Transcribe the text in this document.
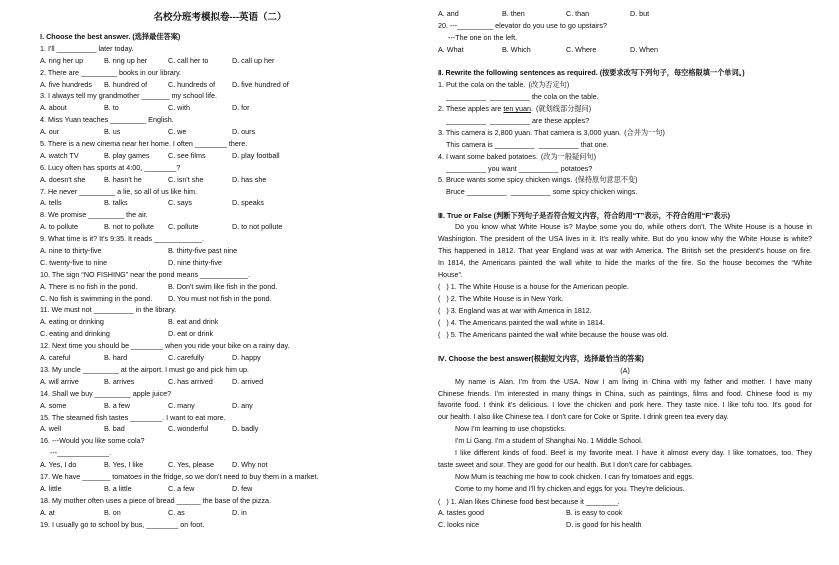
名校分班考模拟卷---英语（二）
Ⅰ. Choose the best answer. (选择最佳答案)
1. I'll __________ later today.
A. ring her up	B. ring up her	C. call her to	D. call up her
2. There are _________ books in our library.
A. five hundreds	B. hundred of	C. hundreds of	D. five hundred of
3. I always tell my grandmother _______ my school life.
A. about	B. to	C. with	D. for
4. Miss Yuan teaches _________ English.
A. our	B. us	C. we	D. ours
5. There is a new cinema near her home. I often ________ there.
A. watch TV	B. play games	C. see films	D. play football
6. Lucy often has sports at 4:00, ________?
A. doesn't she	B. hasn't he	C. isn't she	D. has she
7. He never _________ a lie, so all of us like him.
A. tells	B. talks	C. says	D. speaks
8. We promise _________ the air.
A. to pollute	B. not to pollute	C. pollute	D. to not pollute
9. What time is it? It's 9:35. It reads ____________.
A. nine to thirty-five	B. thirty-five past nine
C. twenty-five to nine	D. nine thirty-five
10. The sign “NO FISHING” near the pond means ____________.
A. There is no fish in the pond.	B. Don't swim like fish in the pond.
C. No fish is swimming in the pond.	D. You must not fish in the pond.
11. We must not __________ in the library.
A. eating or drinking	B. eat and drink
C. eating and drinking	D. eat or drink
12. Next time you should be ________ when you ride your bike on a rainy day.
A. careful	B. hard	C. carefully	D. happy
13. My uncle _________ at the airport. I must go and pick him up.
A. will arrive	B. arrives	C. has arrived	D. arrived
14. Shall we buy _________ apple juice?
A. some	B. a few	C. many	D. any
15. The steamed fish tastes ________. I want to eat more.
A. well	B. bad	C. wonderful	D. badly
16. ---Would you like some cola?
---_____________.
A. Yes, I do	B. Yes, I like	C. Yes, please	D. Why not
17. We have _______ tomatoes in the fridge, so we don't need to buy them in a market.
A. little	B. a little	C. a few	D. few
18. My mother often uses a piece of bread ______ the base of the pizza.
A. at	B. on	C. as	D. in
19. I usually go to school by bus, ________ on foot.
A. and	B. then	C. than	D. but
20. ---_________ elevator do you use to go upstairs?
---The one on the left.
A. What	B. Which	C. Where	D. When
Ⅱ. Rewrite the following sentences as required. (按要求改写下列句子，每空格限填一个单词。)
1. Put the cola on the table. (改为否定句)
__________  __________ the cola on the table.
2. These apples are ten yuan. (就划线部分提问)
__________  __________ are these apples?
3. This camera is 2,800 yuan. That camera is 3,000 yuan. (合并为一句)
This camera is __________  __________ that one.
4. I want some baked potatoes. (改为一般疑问句)
__________ you want __________ potatoes?
5. Bruce wants some spicy chicken wings. (保持原句意思不变)
Bruce __________  __________ some spicy chicken wings.
Ⅲ. True or False (判断下列句子是否符合短文内容，符合的用“T”表示，不符合的用“F”表示)
Do you know what White House is? Maybe some you do, while others don't. The White House is a house in
Washington. The president of the USA lives in it. It's really white. But do you know why the White House is white?
This happened in 1812. That year England was at war with America. The British set the president's house on fire.
In 1814, the Americans painted the wall white to hide the marks of the fire. So the house becomes the “White
House”.
(   ) 1. The White House is a house for the American people.
(   ) 2. The White House is in New York.
(   ) 3. England was at war with America in 1812.
(   ) 4. The Americans painted the wall white in 1814.
(   ) 5. The Americans painted the wall white because the house was old.
Ⅳ. Choose the best answer(根据短文内容，选择最恰当的答案)
(A)
My name is Alan. I'm from the USA. Now I am living in China with my father and mother. I have many
Chinese friends. I'm interested in many things in China, such as paintings, films and food. Chinese food is my
favorite food. I think it's delicious. I love the chicken and pork here. They taste nice. I like tofu too. It's good for
our health. I also like Chinese tea. I don't care for Coke or Sprite. I drink green tea every day.
Now I'm learning to use chopsticks.
I'm Li Gang. I'm a student of Shanghai No. 1 Middle School.
I like different kinds of food. Beef is my favorite meat. I have it almost every day. I like tomatoes, too. They
taste sweet and sour. They are good for our health. But I don't care for cabbages.
Now Mum is teaching me how to cook chicken. I can fry tomatoes and eggs.
Come to my home and I'll fry chicken and eggs for you. They're delicious.
(   ) 1. Alan likes Chinese food best because it ________.
A. tastes good	B. is easy to cook
C. looks nice	D. is good for his health
